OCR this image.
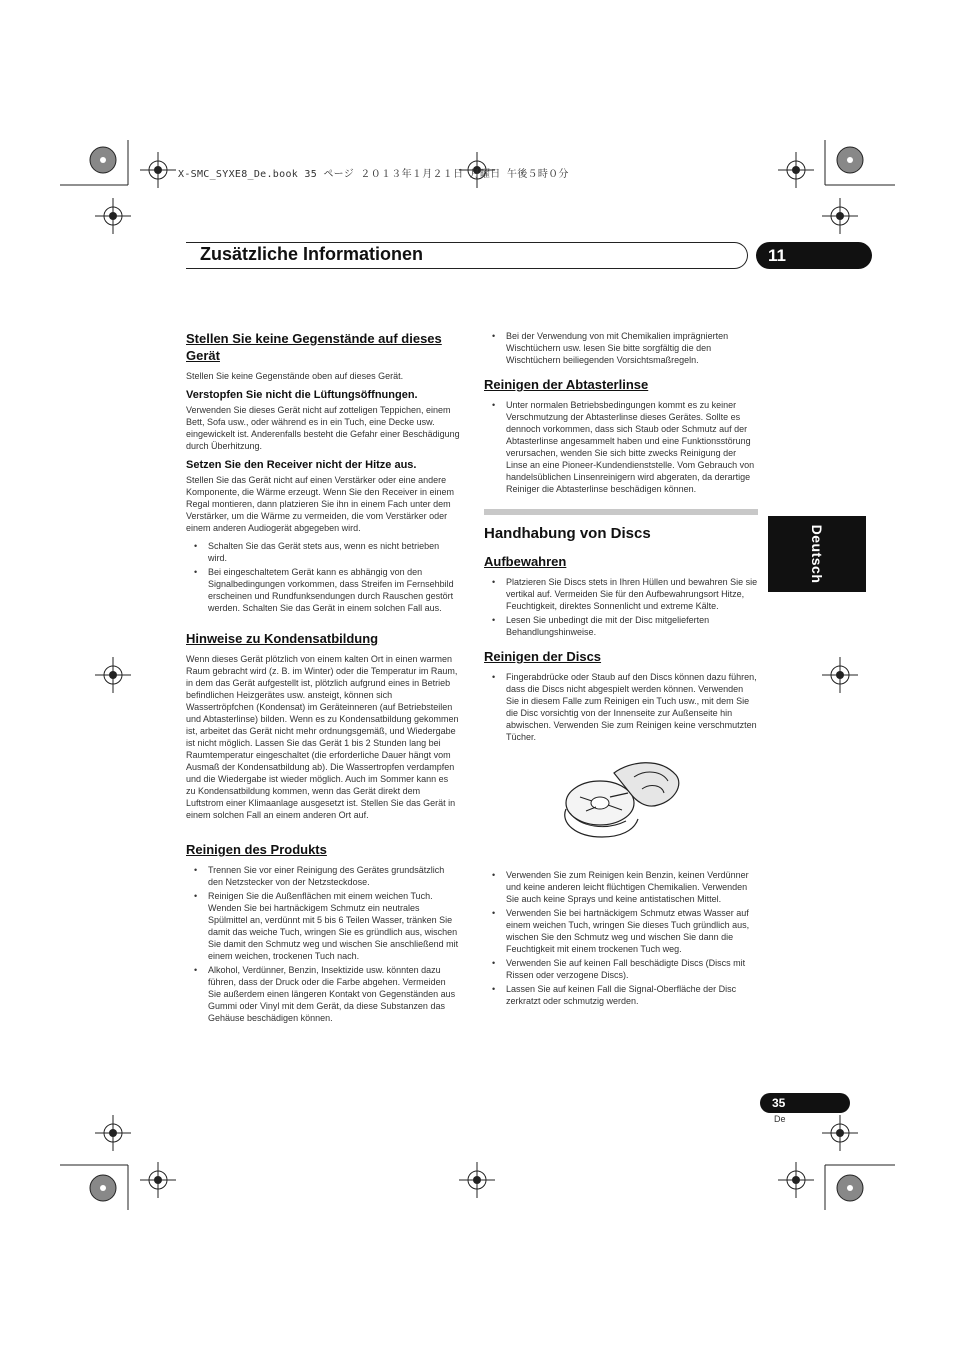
X-SMC_SYXE8_De.book 35 ページ ２０１３年１月２１日 月曜日 午後５時０分
Zusätzliche Informationen	11
Deutsch
Stellen Sie keine Gegenstände auf dieses Gerät

Stellen Sie keine Gegenstände oben auf dieses Gerät.

Verstopfen Sie nicht die Lüftungsöffnungen.

Verwenden Sie dieses Gerät nicht auf zotteligen Teppichen, einem Bett, Sofa usw., oder während es in ein Tuch, eine Decke usw. eingewickelt ist. Anderenfalls besteht die Gefahr einer Beschädigung durch Überhitzung.

Setzen Sie den Receiver nicht der Hitze aus.

Stellen Sie das Gerät nicht auf einen Verstärker oder eine andere Komponente, die Wärme erzeugt. Wenn Sie den Receiver in einem Regal montieren, dann platzieren Sie ihn in einem Fach unter dem Verstärker, um die Wärme zu vermeiden, die vom Verstärker oder einem anderen Audiogerät abgegeben wird.

• Schalten Sie das Gerät stets aus, wenn es nicht betrieben wird.
• Bei eingeschaltetem Gerät kann es abhängig von den Signalbedingungen vorkommen, dass Streifen im Fernsehbild erscheinen und Rundfunksendungen durch Rauschen gestört werden. Schalten Sie das Gerät in einem solchen Fall aus.
Hinweise zu Kondensatbildung

Wenn dieses Gerät plötzlich von einem kalten Ort in einen warmen Raum gebracht wird (z. B. im Winter) oder die Temperatur im Raum, in dem das Gerät aufgestellt ist, plötzlich aufgrund eines in Betrieb befindlichen Heizgerätes usw. ansteigt, können sich Wassertröpfchen (Kondensat) im Geräteinneren (auf Betriebsteilen und Abtasterlinse) bilden. Wenn es zu Kondensatbildung gekommen ist, arbeitet das Gerät nicht mehr ordnungsgemäß, und Wiedergabe ist nicht möglich. Lassen Sie das Gerät 1 bis 2 Stunden lang bei Raumtemperatur eingeschaltet (die erforderliche Dauer hängt vom Ausmaß der Kondensatbildung ab). Die Wassertropfen verdampfen und die Wiedergabe ist wieder möglich. Auch im Sommer kann es zu Kondensatbildung kommen, wenn das Gerät direkt dem Luftstrom einer Klimaanlage ausgesetzt ist. Stellen Sie das Gerät in einem solchen Fall an einem anderen Ort auf.

Reinigen des Produkts
• Trennen Sie vor einer Reinigung des Gerätes grundsätzlich den Netzstecker von der Netzsteckdose.
• Reinigen Sie die Außenflächen mit einem weichen Tuch. Wenden Sie bei hartnäckigem Schmutz ein neutrales Spülmittel an, verdünnt mit 5 bis 6 Teilen Wasser, tränken Sie damit das weiche Tuch, wringen Sie es gründlich aus, wischen Sie damit den Schmutz weg und wischen Sie anschließend mit einem weichen, trockenen Tuch nach.
• Alkohol, Verdünner, Benzin, Insektizide usw. könnten dazu führen, dass der Druck oder die Farbe abgehen. Vermeiden Sie außerdem einen längeren Kontakt von Gegenständen aus Gummi oder Vinyl mit dem Gerät, da diese Substanzen das Gehäuse beschädigen können.
• Bei der Verwendung von mit Chemikalien imprägnierten Wischtüchern usw. lesen Sie bitte sorgfältig die den Wischtüchern beiliegenden Vorsichtsmaßregeln.
Reinigen der Abtasterlinse
• Unter normalen Betriebsbedingungen kommt es zu keiner Verschmutzung der Abtasterlinse dieses Gerätes. Sollte es dennoch vorkommen, dass sich Staub oder Schmutz auf der Abtasterlinse angesammelt haben und eine Funktionsstörung verursachen, wenden Sie sich bitte zwecks Reinigung der Linse an eine Pioneer-Kundendienststelle. Vom Gebrauch von handelsüblichen Linsenreinigern wird abgeraten, da derartige Reiniger die Abtasterlinse beschädigen können.
Handhabung von Discs
Aufbewahren
• Platzieren Sie Discs stets in Ihren Hüllen und bewahren Sie sie vertikal auf. Vermeiden Sie für den Aufbewahrungsort Hitze, Feuchtigkeit, direktes Sonnenlicht und extreme Kälte.
• Lesen Sie unbedingt die mit der Disc mitgelieferten Behandlungshinweise.
Reinigen der Discs
• Fingerabdrücke oder Staub auf den Discs können dazu führen, dass die Discs nicht abgespielt werden können. Verwenden Sie in diesem Falle zum Reinigen ein Tuch usw., mit dem Sie die Disc vorsichtig von der Innenseite zur Außenseite hin abwischen. Verwenden Sie zum Reinigen keine verschmutzten Tücher.
• Verwenden Sie zum Reinigen kein Benzin, keinen Verdünner und keine anderen leicht flüchtigen Chemikalien. Verwenden Sie auch keine Sprays und keine antistatischen Mittel.
• Verwenden Sie bei hartnäckigem Schmutz etwas Wasser auf einem weichen Tuch, wringen Sie dieses Tuch gründlich aus, wischen Sie den Schmutz weg und wischen Sie dann die Feuchtigkeit mit einem trockenen Tuch weg.
• Verwenden Sie auf keinen Fall beschädigte Discs (Discs mit Rissen oder verzogene Discs).
• Lassen Sie auf keinen Fall die Signal-Oberfläche der Disc zerkratzt oder schmutzig werden.
35
De
